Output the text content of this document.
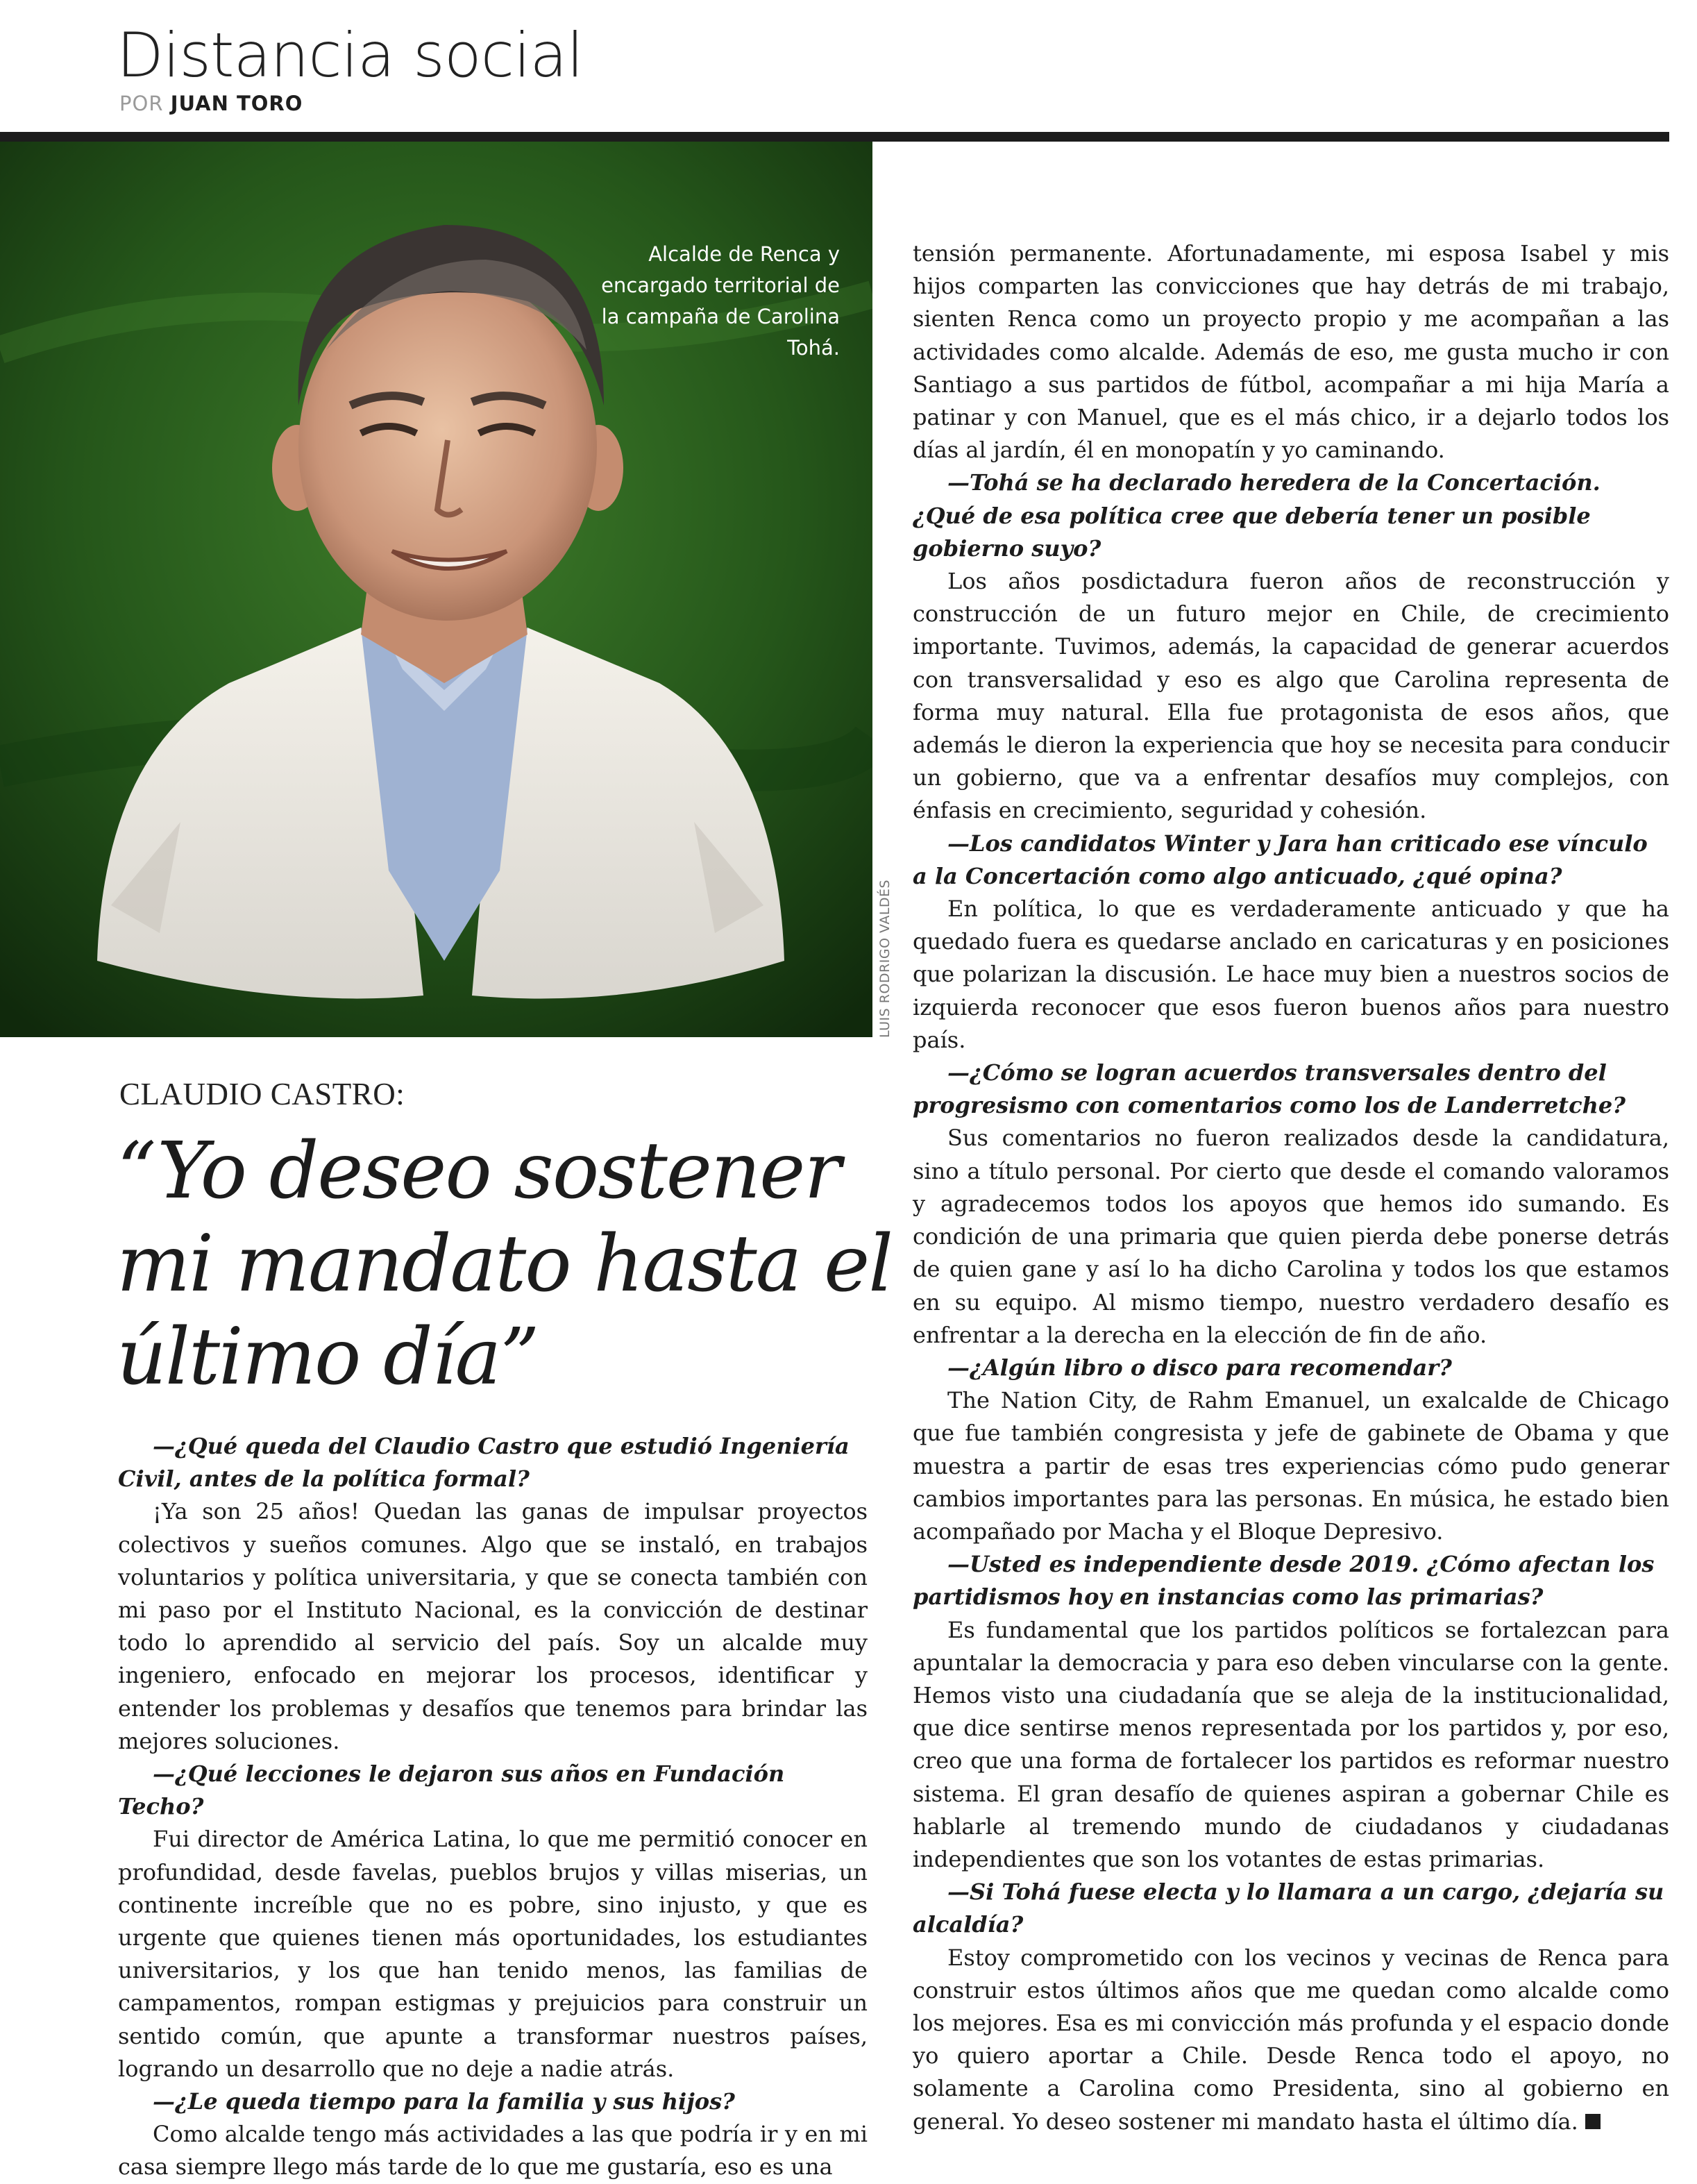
Distancia social
POR JUAN TORO
Alcalde de Renca y encargado territorial de la campaña de Carolina Tohá.
LUIS RODRIGO VALDÉS
CLAUDIO CASTRO:
“Yo deseo sostener mi mandato hasta el último día”

—¿Qué queda del Claudio Castro que estudió Ingeniería Civil, antes de la política formal?

¡Ya son 25 años! Quedan las ganas de impulsar proyectos colectivos y sueños comunes. Algo que se instaló, en trabajos voluntarios y política universitaria, y que se conecta también con mi paso por el Instituto Nacional, es la convicción de destinar todo lo aprendido al servicio del país. Soy un alcalde muy ingeniero, enfocado en mejorar los procesos, identificar y entender los problemas y desafíos que tenemos para brindar las mejores soluciones.

—¿Qué lecciones le dejaron sus años en Fundación Techo?

Fui director de América Latina, lo que me permitió conocer en profundidad, desde favelas, pueblos brujos y villas miserias, un continente increíble que no es pobre, sino injusto, y que es urgente que quienes tienen más oportunidades, los estudiantes universitarios, y los que han tenido menos, las familias de campamentos, rompan estigmas y prejuicios para construir un sentido común, que apunte a transformar nuestros países, logrando un desarrollo que no deje a nadie atrás.

—¿Le queda tiempo para la familia y sus hijos?

Como alcalde tengo más actividades a las que podría ir y en mi casa siempre llego más tarde de lo que me gustaría, eso es una

tensión permanente. Afortunadamente, mi esposa Isabel y mis hijos comparten las convicciones que hay detrás de mi trabajo, sienten Renca como un proyecto propio y me acompañan a las actividades como alcalde. Además de eso, me gusta mucho ir con Santiago a sus partidos de fútbol, acompañar a mi hija María a patinar y con Manuel, que es el más chico, ir a dejarlo todos los días al jardín, él en monopatín y yo caminando.

—Tohá se ha declarado heredera de la Concertación. ¿Qué de esa política cree que debería tener un posible gobierno suyo?

Los años posdictadura fueron años de reconstrucción y construcción de un futuro mejor en Chile, de crecimiento importante. Tuvimos, además, la capacidad de generar acuerdos con transversalidad y eso es algo que Carolina representa de forma muy natural. Ella fue protagonista de esos años, que además le dieron la experiencia que hoy se necesita para conducir un gobierno, que va a enfrentar desafíos muy complejos, con énfasis en crecimiento, seguridad y cohesión.

—Los candidatos Winter y Jara han criticado ese vínculo a la Concertación como algo anticuado, ¿qué opina?

En política, lo que es verdaderamente anticuado y que ha quedado fuera es quedarse anclado en caricaturas y en posiciones que polarizan la discusión. Le hace muy bien a nuestros socios de izquierda reconocer que esos fueron buenos años para nuestro país.

—¿Cómo se logran acuerdos transversales dentro del progresismo con comentarios como los de Landerretche?

Sus comentarios no fueron realizados desde la candidatura, sino a título personal. Por cierto que desde el comando valoramos y agradecemos todos los apoyos que hemos ido sumando. Es condición de una primaria que quien pierda debe ponerse detrás de quien gane y así lo ha dicho Carolina y todos los que estamos en su equipo. Al mismo tiempo, nuestro verdadero desafío es enfrentar a la derecha en la elección de fin de año.

—¿Algún libro o disco para recomendar?

The Nation City, de Rahm Emanuel, un exalcalde de Chicago que fue también congresista y jefe de gabinete de Obama y que muestra a partir de esas tres experiencias cómo pudo generar cambios importantes para las personas. En música, he estado bien acompañado por Macha y el Bloque Depresivo.

—Usted es independiente desde 2019. ¿Cómo afectan los partidismos hoy en instancias como las primarias?

Es fundamental que los partidos políticos se fortalezcan para apuntalar la democracia y para eso deben vincularse con la gente. Hemos visto una ciudadanía que se aleja de la institucionalidad, que dice sentirse menos representada por los partidos y, por eso, creo que una forma de fortalecer los partidos es reformar nuestro sistema. El gran desafío de quienes aspiran a gobernar Chile es hablarle al tremendo mundo de ciudadanos y ciudadanas independientes que son los votantes de estas primarias.

—Si Tohá fuese electa y lo llamara a un cargo, ¿dejaría su alcaldía?

Estoy comprometido con los vecinos y vecinas de Renca para construir estos últimos años que me quedan como alcalde como los mejores. Esa es mi convicción más profunda y el espacio donde yo quiero aportar a Chile. Desde Renca todo el apoyo, no solamente a Carolina como Presidenta, sino al gobierno en general. Yo deseo sostener mi mandato hasta el último día.
